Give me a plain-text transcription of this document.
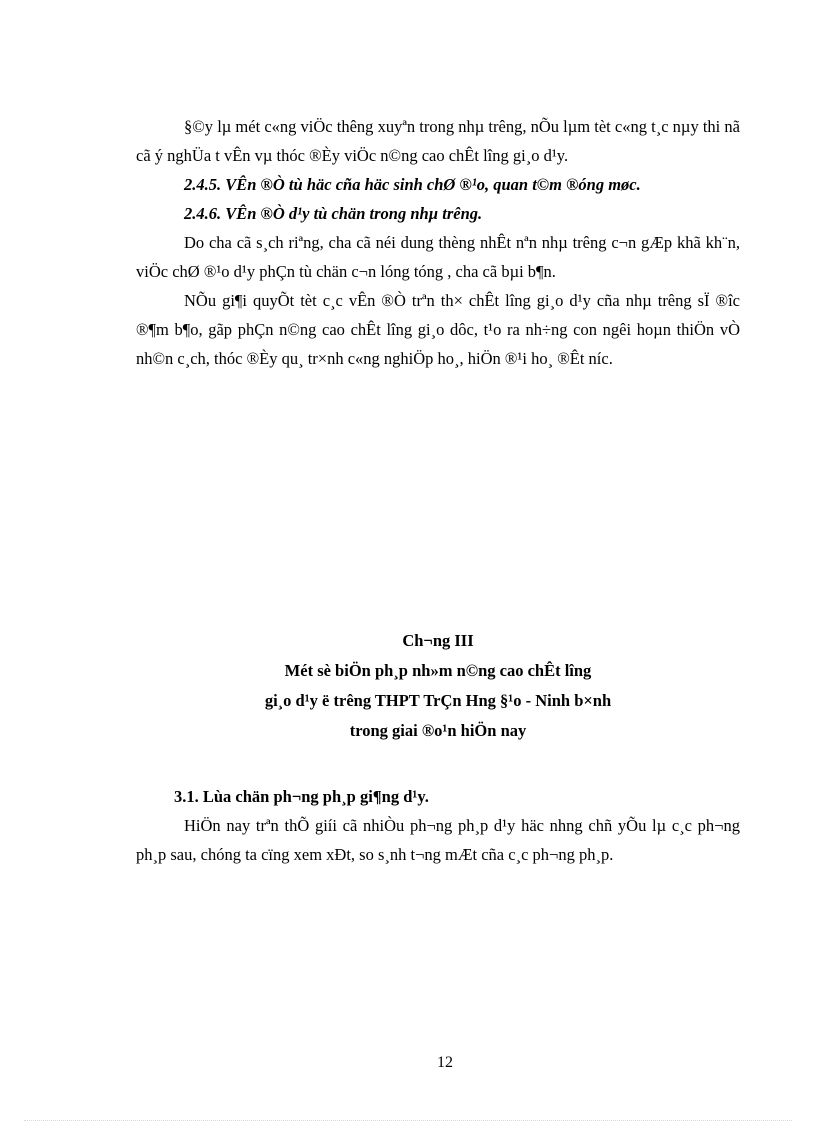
§©y lµ mét c«ng viÖc thêng xuyªn trong nhµ trêng, nÕu lµm tèt c«ng t¸c nµy thi nã cã ý nghÜa t vÊn vµ thóc ®Èy viÖc n©ng cao chÊt lîng gi¸o d¹y.

2.4.5. VÊn ®Ò tù häc cña häc sinh chØ ®¹o, quan t©m ®óng møc.

2.4.6. VÊn ®Ò d¹y tù chän trong nhµ trêng.

Do cha cã s¸ch riªng, cha cã néi dung thèng nhÊt nªn nhµ trêng c¬n gÆp khã kh¨n, viÖc chØ ®¹o d¹y phÇn tù chän c¬n lóng tóng , cha cã bµi b¶n.

NÕu gi¶i quyÕt tèt c¸c vÊn ®Ò trªn th× chÊt lîng gi¸o d¹y cña nhµ trêng sÏ ®îc ®¶m b¶o, gãp phÇn n©ng cao chÊt lîng gi¸o dôc, t¹o ra nh÷ng con ngêi hoµn thiÖn vÒ nh©n c¸ch, thóc ®Èy qu¸ tr×nh c«ng nghiÖp ho¸, hiÖn ®¹i ho¸ ®Êt níc.

Ch¬ng III

Mét sè biÖn ph¸p nh»m n©ng cao chÊt lîng

gi¸o d¹y ë trêng THPT TrÇn Hng §¹o - Ninh b×nh

trong giai ®o¹n hiÖn nay

3.1. Lùa chän ph¬ng ph¸p gi¶ng d¹y.

HiÖn nay trªn thÕ giíi cã nhiÒu ph¬ng ph¸p d¹y häc nhng chñ yÕu lµ c¸c ph¬ng ph¸p sau, chóng ta cïng xem xÐt, so s¸nh t¬ng mÆt cña c¸c ph¬ng ph¸p.

12
